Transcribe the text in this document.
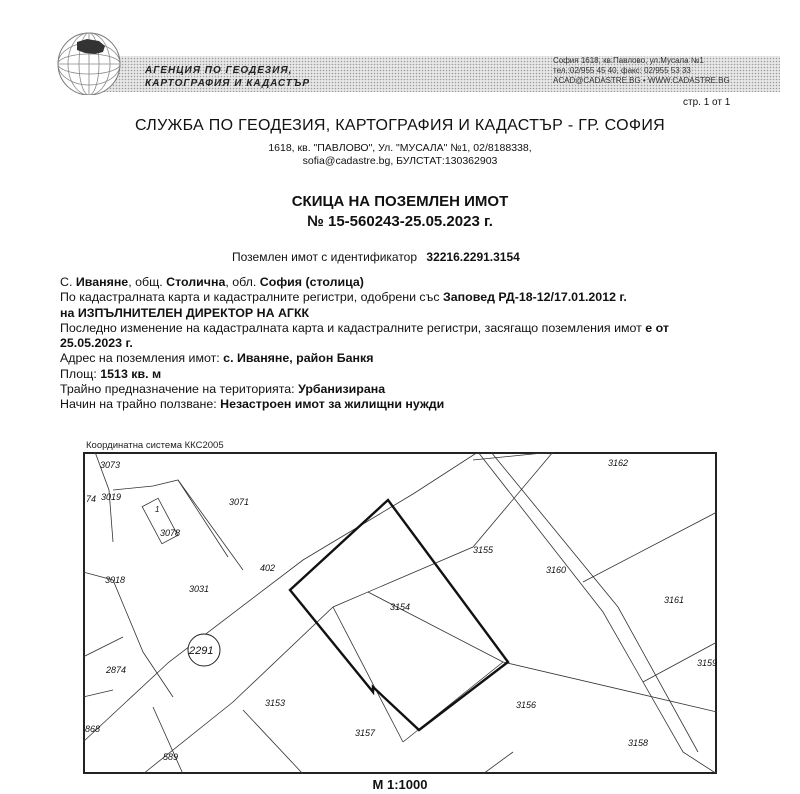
АГЕНЦИЯ ПО ГЕОДЕЗИЯ,
КАРТОГРАФИЯ И КАДАСТЪР
София 1618, кв.Павлово, ул.Мусала №1
тел.:02/955 45 40, факс: 02/955 53 33
ACAD@CADASTRE.BG • WWW.CADASTRE.BG
стр. 1 от 1
СЛУЖБА ПО ГЕОДЕЗИЯ, КАРТОГРАФИЯ И КАДАСТЪР - ГР. СОФИЯ
1618, кв. "ПАВЛОВО", Ул. "МУСАЛА" №1, 02/8188338,
sofia@cadastre.bg, БУЛСТАТ:130362903
СКИЦА НА ПОЗЕМЛЕН ИМОТ
№ 15-560243-25.05.2023 г.
Поземлен имот с идентификатор 32216.2291.3154

С. Иваняне, общ. Столична, обл. София (столица)

По кадастралната карта и кадастралните регистри, одобрени със Заповед РД-18-12/17.01.2012 г.

на ИЗПЪЛНИТЕЛЕН ДИРЕКТОР НА АГКК

Последно изменение на кадастралната карта и кадастралните регистри, засягащо поземления имот е от

25.05.2023 г.

Адрес на поземления имот: с. Иваняне, район Банкя

Площ: 1513 кв. м

Трайно предназначение на територията: Урбанизирана

Начин на трайно ползване: Незастроен имот за жилищни нужди

Координатна система ККС2005
3073
3019
74
1
3078
3071
3162
3018
3031
402
3155
3160
3154
3161
2291
2874
3159
3153	3156
868	3157
3158
589
М 1:1000
